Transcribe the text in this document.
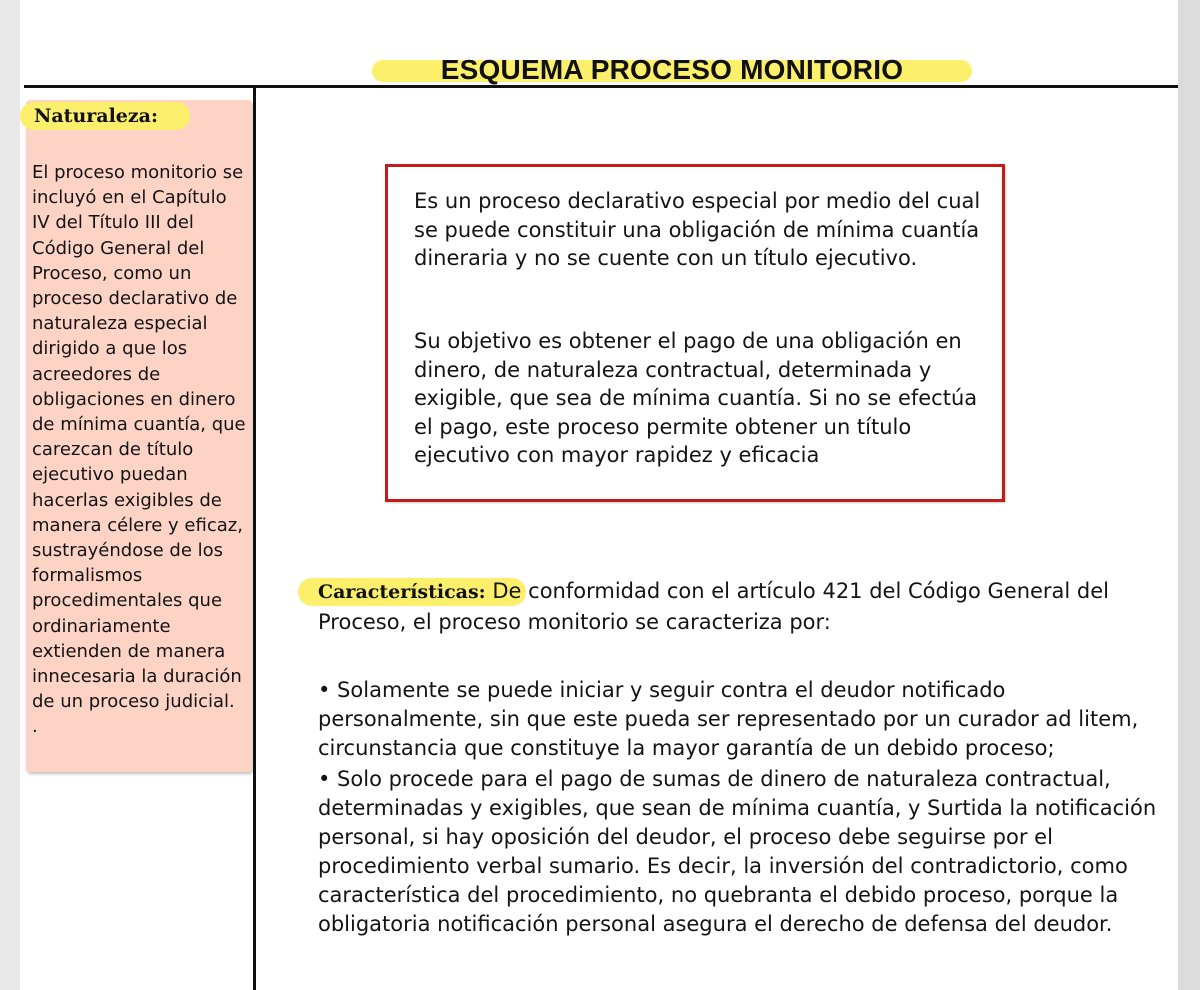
ESQUEMA PROCESO MONITORIO
Naturaleza:

El proceso monitorio se incluyó en el Capítulo IV del Título III del Código General del Proceso, como un proceso declarativo de naturaleza especial dirigido a que los acreedores de obligaciones en dinero de mínima cuantía, que carezcan de título ejecutivo puedan hacerlas exigibles de manera célere y eficaz, sustrayéndose de los formalismos procedimentales que ordinariamente extienden de manera innecesaria la duración de un proceso judicial. .

Es un proceso declarativo especial por medio del cual se puede constituir una obligación de mínima cuantía dineraria y no se cuente con un título ejecutivo.

Su objetivo es obtener el pago de una obligación en dinero, de naturaleza contractual, determinada y exigible, que sea de mínima cuantía. Si no se efectúa el pago, este proceso permite obtener un título ejecutivo con mayor rapidez y eficacia

Características: De conformidad con el artículo 421 del Código General del Proceso, el proceso monitorio se caracteriza por:

• Solamente se puede iniciar y seguir contra el deudor notificado personalmente, sin que este pueda ser representado por un curador ad litem, circunstancia que constituye la mayor garantía de un debido proceso;
• Solo procede para el pago de sumas de dinero de naturaleza contractual, determinadas y exigibles, que sean de mínima cuantía, y Surtida la notificación personal, si hay oposición del deudor, el proceso debe seguirse por el procedimiento verbal sumario. Es decir, la inversión del contradictorio, como característica del procedimiento, no quebranta el debido proceso, porque la obligatoria notificación personal asegura el derecho de defensa del deudor.
